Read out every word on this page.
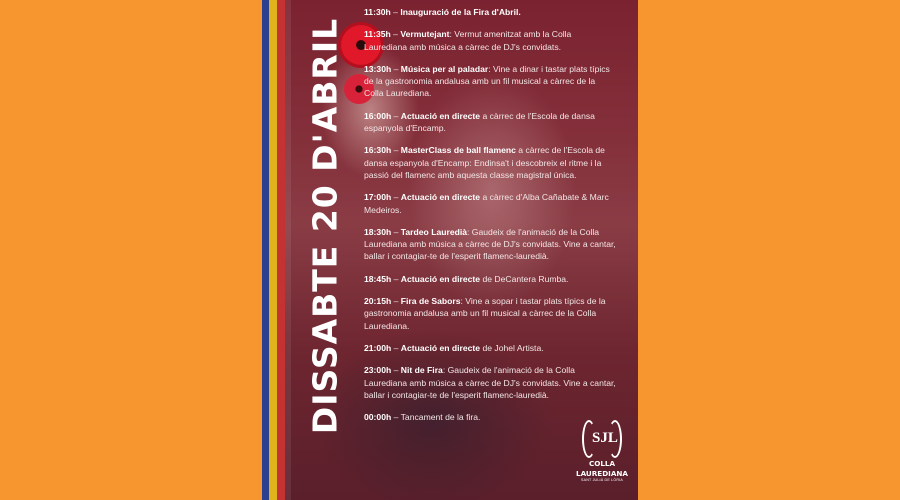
DISSABTE 20 D'ABRIL
11:30h – Inauguració de la Fira d'Abril.
11:35h – Vermutejant: Vermut amenitzat amb la Colla Laurediana amb música a càrrec de DJ's convidats.
13:30h – Música per al paladar: Vine a dinar i tastar plats típics de la gastronomia andalusa amb un fil musical a càrrec de la Colla Laurediana.
16:00h – Actuació en directe a càrrec de l'Escola de dansa espanyola d'Encamp.
16:30h – MasterClass de ball flamenc a càrrec de l'Escola de dansa espanyola d'Encamp: Endinsa't i descobreix el ritme i la passió del flamenc amb aquesta classe magistral única.
17:00h – Actuació en directe a càrrec d'Alba Cañabate & Marc Medeiros.
18:30h – Tardeo Lauredià: Gaudeix de l'animació de la Colla Laurediana amb música a càrrec de DJ's convidats. Vine a cantar, ballar i contagiar-te de l'esperit flamenc-lauredià.
18:45h – Actuació en directe de DeCantera Rumba.
20:15h – Fira de Sabors: Vine a sopar i tastar plats típics de la gastronomia andalusa amb un fil musical a càrrec de la Colla Laurediana.
21:00h – Actuació en directe de Johel Artista.
23:00h – Nit de Fira: Gaudeix de l'animació de la Colla Laurediana amb música a càrrec de DJ's convidats. Vine a cantar, ballar i contagiar-te de l'esperit flamenc-lauredià.
00:00h – Tancament de la fira.
SJL
COLLA
LAUREDIANA
SANT JULIÀ DE LÒRIA
